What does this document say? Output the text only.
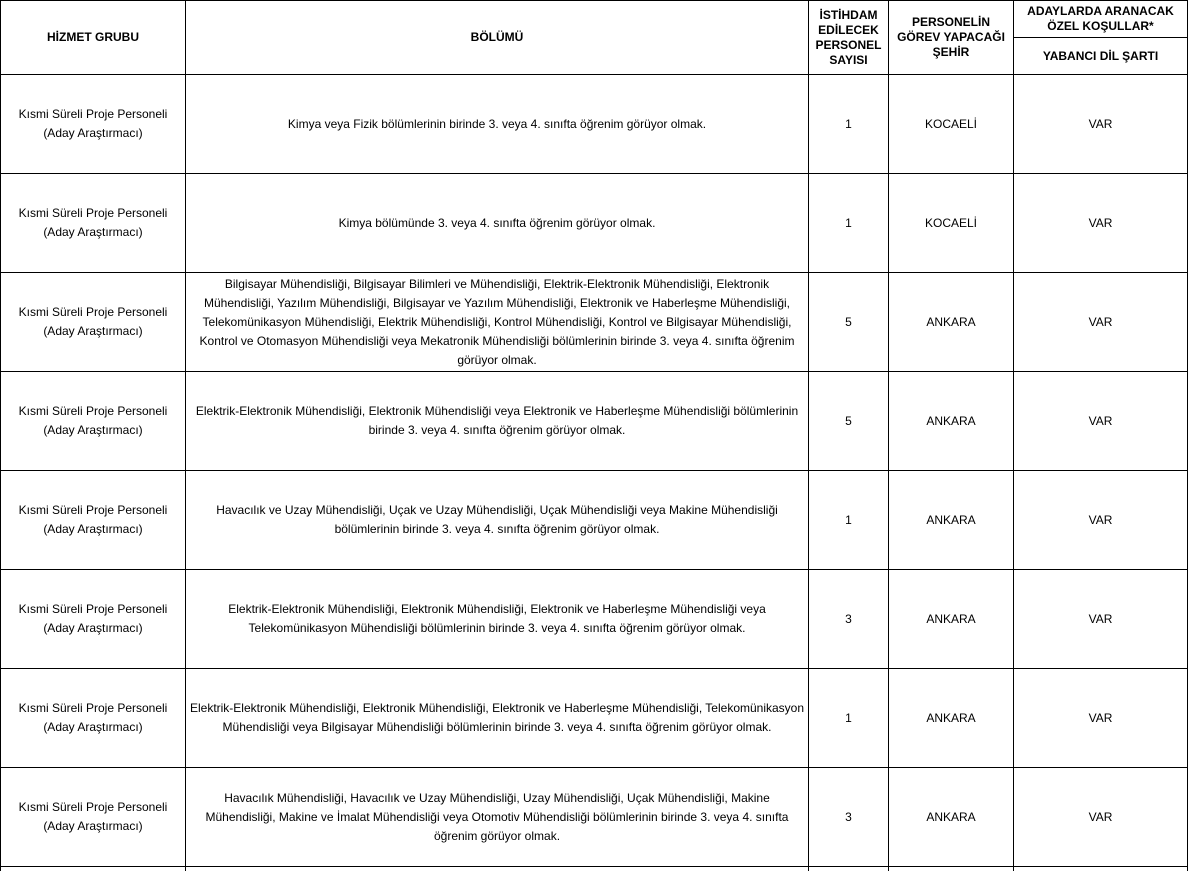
HİZMET GRUBU	BÖLÜMÜ	İSTİHDAM EDİLECEK PERSONEL SAYISI	PERSONELİN GÖREV YAPACAĞI ŞEHİR	ADAYLARDA ARANACAK ÖZEL KOŞULLAR*
				YABANCI DİL ŞARTI
Kısmi Süreli Proje Personeli (Aday Araştırmacı)	Kimya veya Fizik bölümlerinin birinde 3. veya 4. sınıfta öğrenim görüyor olmak.	1	KOCAELİ	VAR
Kısmi Süreli Proje Personeli (Aday Araştırmacı)	Kimya bölümünde 3. veya 4. sınıfta öğrenim görüyor olmak.	1	KOCAELİ	VAR
Kısmi Süreli Proje Personeli (Aday Araştırmacı)	Bilgisayar Mühendisliği, Bilgisayar Bilimleri ve Mühendisliği, Elektrik-Elektronik Mühendisliği, Elektronik Mühendisliği, Yazılım Mühendisliği, Bilgisayar ve Yazılım Mühendisliği, Elektronik ve Haberleşme Mühendisliği, Telekomünikasyon Mühendisliği, Elektrik Mühendisliği, Kontrol Mühendisliği, Kontrol ve Bilgisayar Mühendisliği, Kontrol ve Otomasyon Mühendisliği veya Mekatronik Mühendisliği bölümlerinin birinde 3. veya 4. sınıfta öğrenim görüyor olmak.	5	ANKARA	VAR
Kısmi Süreli Proje Personeli (Aday Araştırmacı)	Elektrik-Elektronik Mühendisliği, Elektronik Mühendisliği veya Elektronik ve Haberleşme Mühendisliği bölümlerinin birinde 3. veya 4. sınıfta öğrenim görüyor olmak.	5	ANKARA	VAR
Kısmi Süreli Proje Personeli (Aday Araştırmacı)	Havacılık ve Uzay Mühendisliği, Uçak ve Uzay Mühendisliği, Uçak Mühendisliği veya Makine Mühendisliği bölümlerinin birinde 3. veya 4. sınıfta öğrenim görüyor olmak.	1	ANKARA	VAR
Kısmi Süreli Proje Personeli (Aday Araştırmacı)	Elektrik-Elektronik Mühendisliği, Elektronik Mühendisliği, Elektronik ve Haberleşme Mühendisliği veya Telekomünikasyon Mühendisliği bölümlerinin birinde 3. veya 4. sınıfta öğrenim görüyor olmak.	3	ANKARA	VAR
Kısmi Süreli Proje Personeli (Aday Araştırmacı)	Elektrik-Elektronik Mühendisliği, Elektronik Mühendisliği, Elektronik ve Haberleşme Mühendisliği, Telekomünikasyon Mühendisliği veya Bilgisayar Mühendisliği bölümlerinin birinde 3. veya 4. sınıfta öğrenim görüyor olmak.	1	ANKARA	VAR
Kısmi Süreli Proje Personeli (Aday Araştırmacı)	Havacılık Mühendisliği, Havacılık ve Uzay Mühendisliği, Uzay Mühendisliği, Uçak Mühendisliği, Makine Mühendisliği, Makine ve İmalat Mühendisliği veya Otomotiv Mühendisliği bölümlerinin birinde 3. veya 4. sınıfta öğrenim görüyor olmak.	3	ANKARA	VAR
